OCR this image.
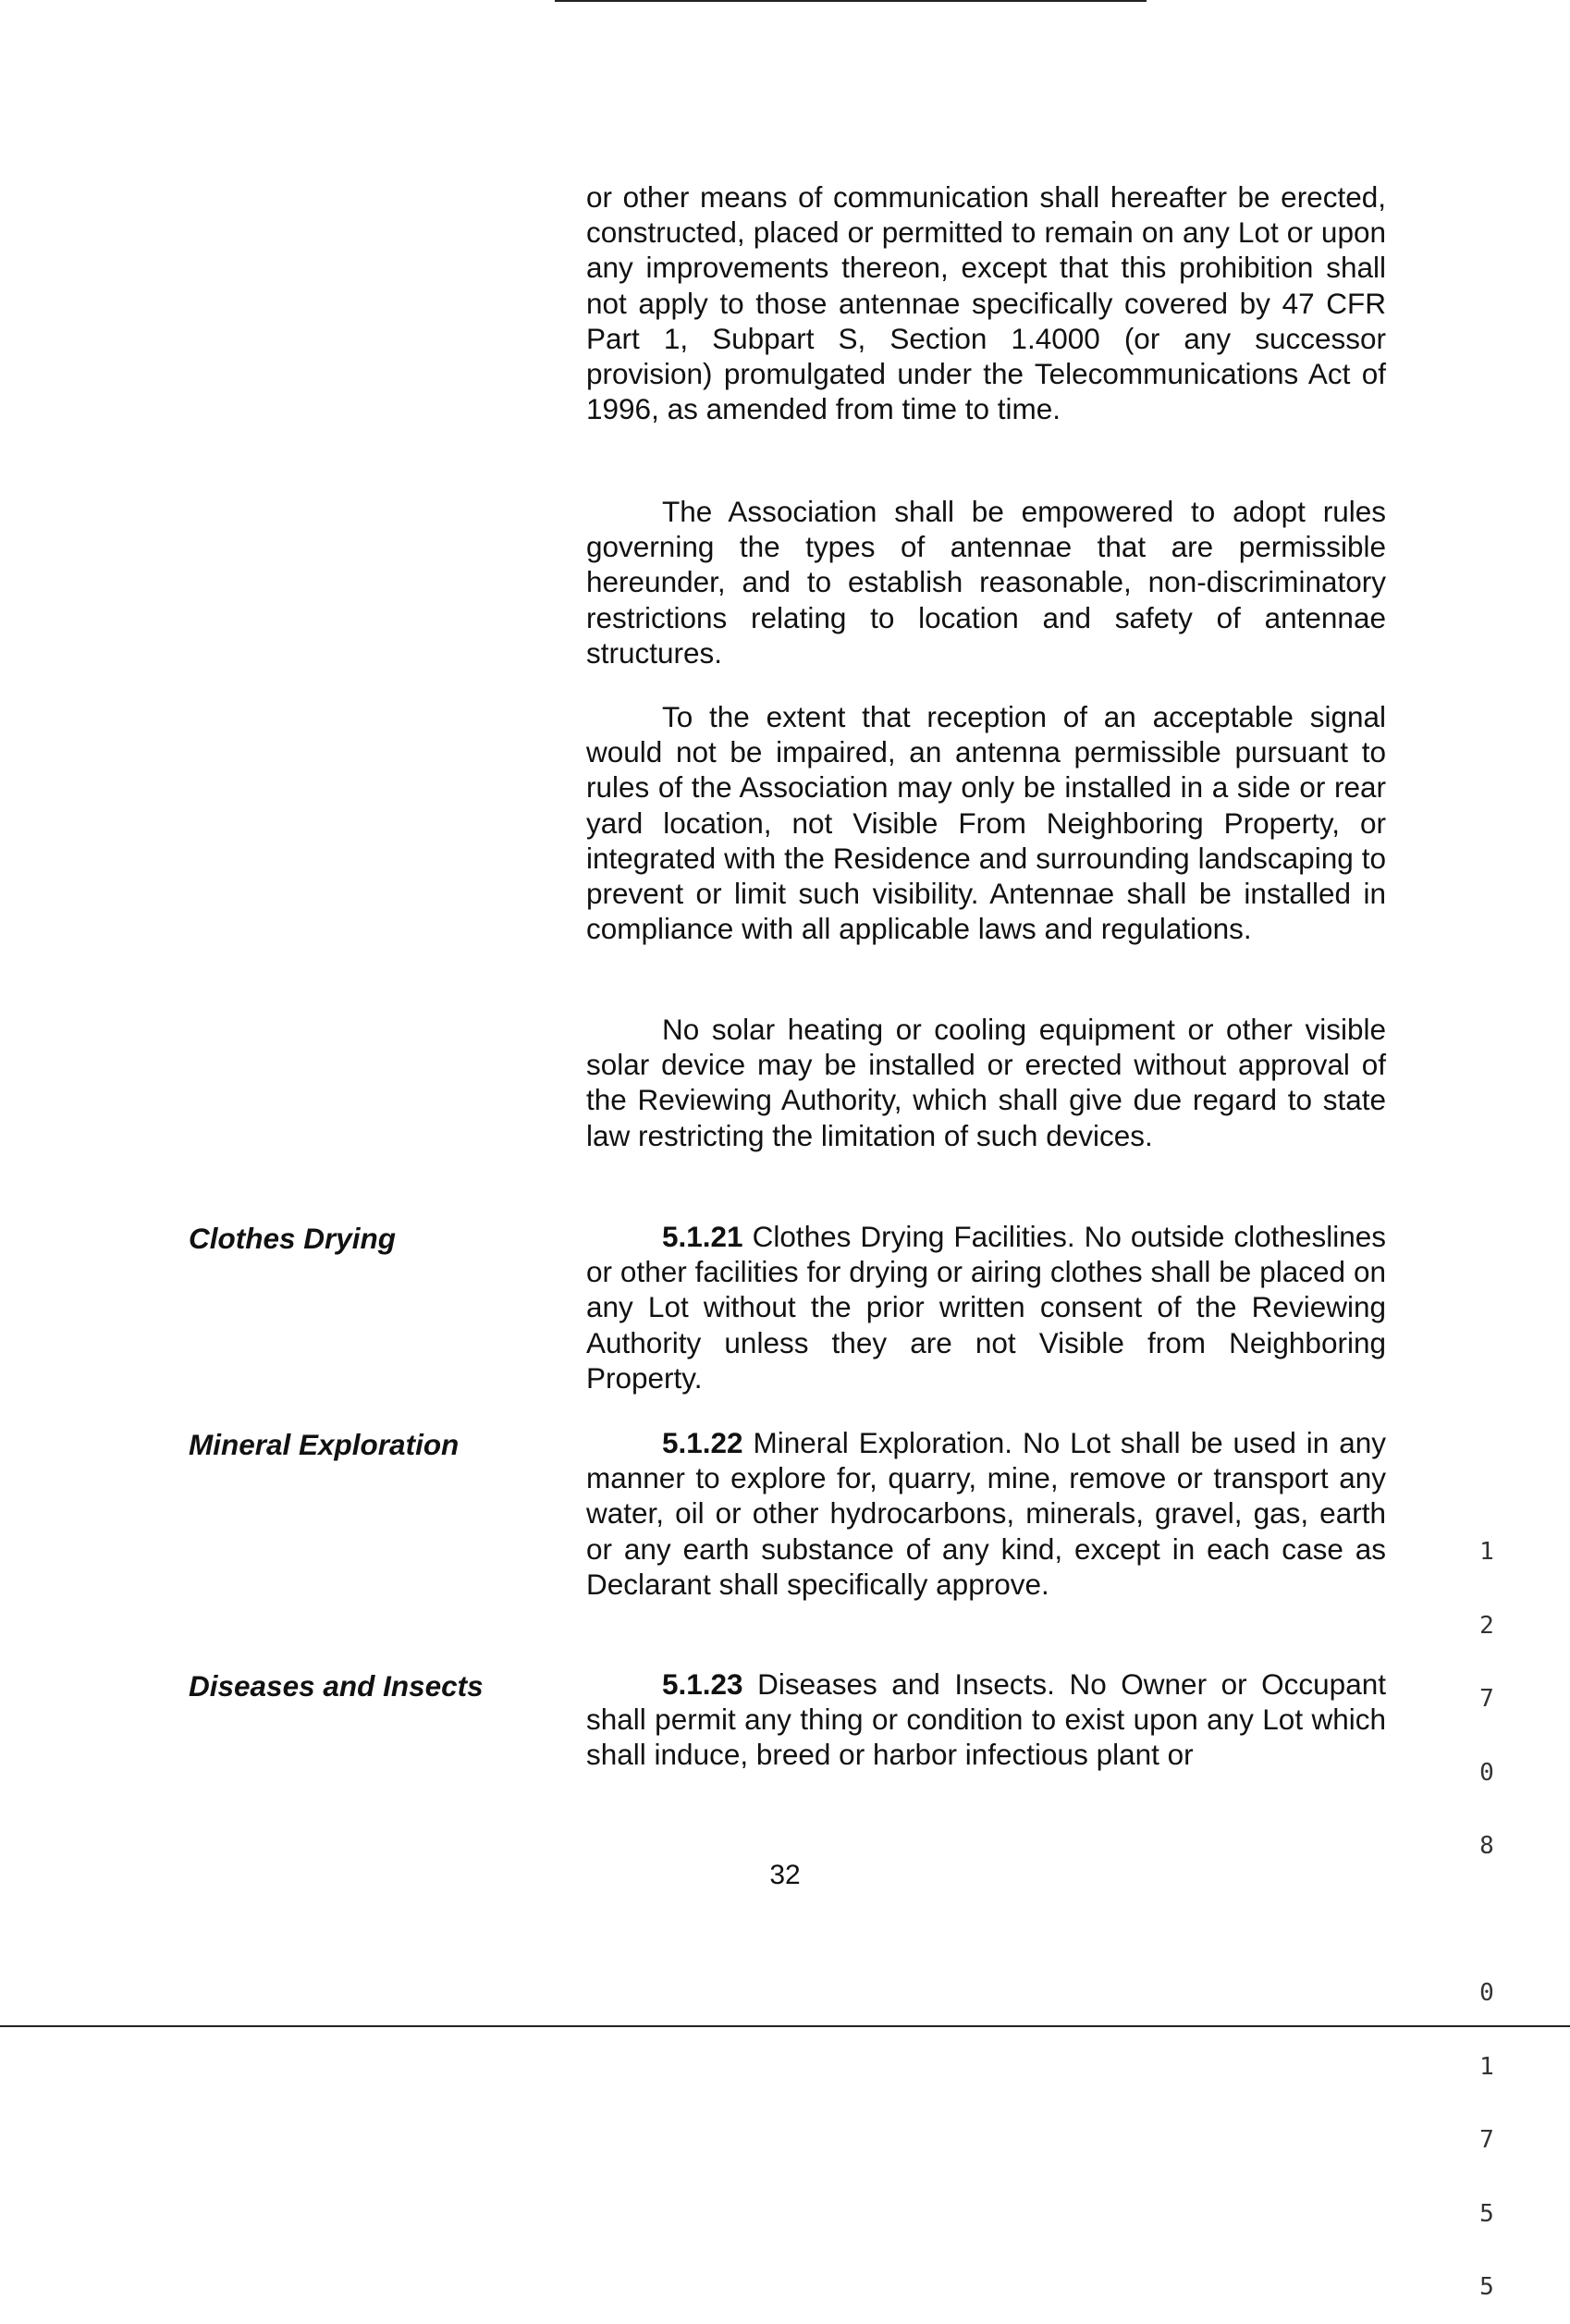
or other means of communication shall hereafter be erected, constructed, placed or permitted to remain on any Lot or upon any improvements thereon, except that this prohibition shall not apply to those antennae specifically covered by 47 CFR Part 1, Subpart S, Section 1.4000 (or any successor provision) promulgated under the Telecommunications Act of 1996, as amended from time to time.

The Association shall be empowered to adopt rules governing the types of antennae that are permissible hereunder, and to establish reasonable, non-discriminatory restrictions relating to location and safety of antennae structures.

To the extent that reception of an acceptable signal would not be impaired, an antenna permissible pursuant to rules of the Association may only be installed in a side or rear yard location, not Visible From Neighboring Property, or integrated with the Residence and surrounding landscaping to prevent or limit such visibility. Antennae shall be installed in compliance with all applicable laws and regulations.

No solar heating or cooling equipment or other visible solar device may be installed or erected without approval of the Reviewing Authority, which shall give due regard to state law restricting the limitation of such devices.

Clothes Drying	5.1.21 Clothes Drying Facilities. No outside clotheslines or other facilities for drying or airing clothes shall be placed on any Lot without the prior written consent of the Reviewing Authority unless they are not Visible from Neighboring Property.

Mineral Exploration	5.1.22 Mineral Exploration. No Lot shall be used in any manner to explore for, quarry, mine, remove or transport any water, oil or other hydrocarbons, minerals, gravel, gas, earth or any earth substance of any kind, except in each case as Declarant shall specifically approve.

Diseases and Insects	5.1.23 Diseases and Insects. No Owner or Occupant shall permit any thing or condition to exist upon any Lot which shall induce, breed or harbor infectious plant or

32

1

2

7

0

8

0

1

7

5

5
